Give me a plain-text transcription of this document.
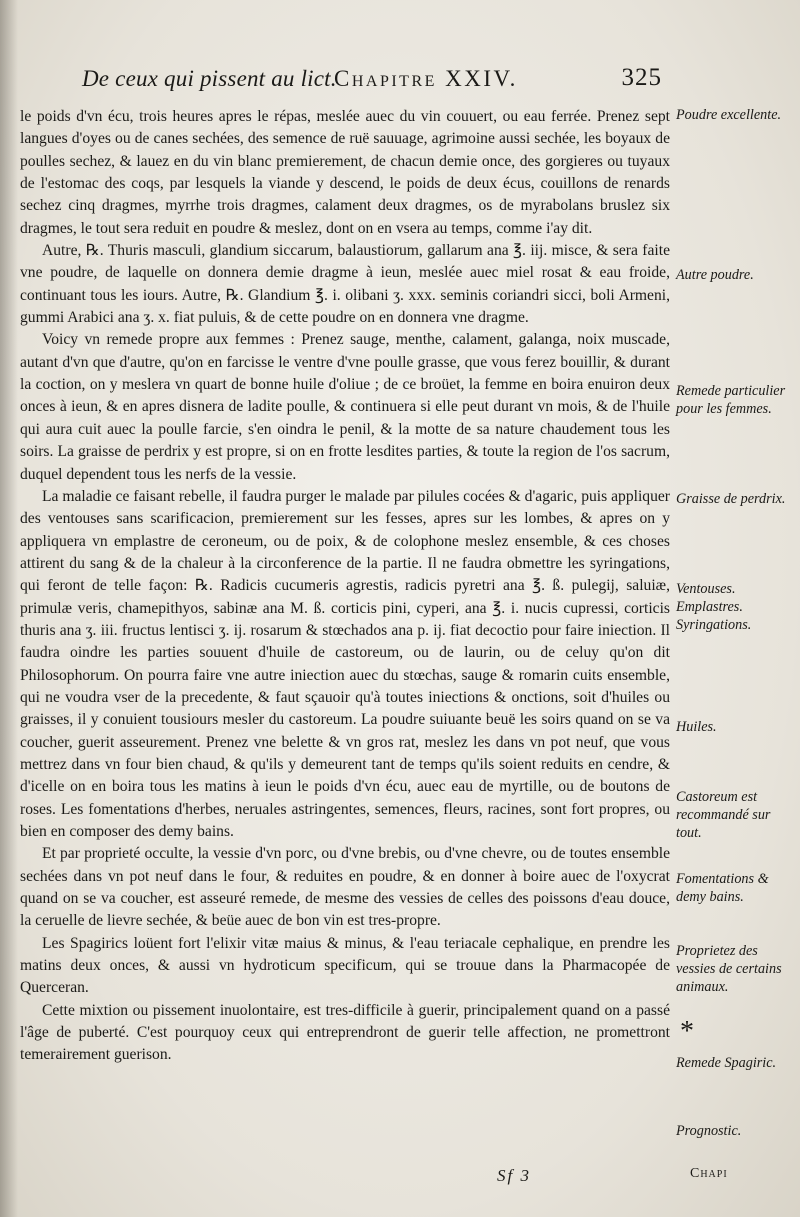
De ceux qui pissent au lict.
Chapitre XXIV.	325

le poids d'vn écu, trois heures apres le répas, meslée auec du vin couuert, ou eau ferrée. Prenez sept langues d'oyes ou de canes sechées, des semence de ruë sauuage, agrimoine aussi sechée, les boyaux de poulles sechez, & lauez en du vin blanc premierement, de chacun demie once, des gorgieres ou tuyaux de l'estomac des coqs, par lesquels la viande y descend, le poids de deux écus, couillons de renards sechez cinq dragmes, myrrhe trois dragmes, calament deux dragmes, os de myrabolans bruslez six dragmes, le tout sera reduit en poudre & meslez, dont on en vsera au temps, comme i'ay dit.

Autre, ℞. Thuris masculi, glandium siccarum, balaustiorum, gallarum ana ℥. iij. misce, & sera faite vne poudre, de laquelle on donnera demie dragme à ieun, meslée auec miel rosat & eau froide, continuant tous les iours. Autre, ℞. Glandium ℥. i. olibani ʒ. xxx. seminis coriandri sicci, boli Armeni, gummi Arabici ana ʒ. x. fiat puluis, & de cette poudre on en donnera vne dragme.

Voicy vn remede propre aux femmes : Prenez sauge, menthe, calament, galanga, noix muscade, autant d'vn que d'autre, qu'on en farcisse le ventre d'vne poulle grasse, que vous ferez bouillir, & durant la coction, on y meslera vn quart de bonne huile d'oliue ; de ce broüet, la femme en boira enuiron deux onces à ieun, & en apres disnera de ladite poulle, & continuera si elle peut durant vn mois, & de l'huile qui aura cuit auec la poulle farcie, s'en oindra le penil, & la motte de sa nature chaudement tous les soirs. La graisse de perdrix y est propre, si on en frotte lesdites parties, & toute la region de l'os sacrum, duquel dependent tous les nerfs de la vessie.

La maladie ce faisant rebelle, il faudra purger le malade par pilules cocées & d'agaric, puis appliquer des ventouses sans scarificacion, premierement sur les fesses, apres sur les lombes, & apres on y appliquera vn emplastre de ceroneum, ou de poix, & de colophone meslez ensemble, & ces choses attirent du sang & de la chaleur à la circonference de la partie. Il ne faudra obmettre les syringations, qui feront de telle façon: ℞. Radicis cucumeris agrestis, radicis pyretri ana ℥. ß. pulegij, saluiæ, primulæ veris, chamepithyos, sabinæ ana M. ß. corticis pini, cyperi, ana ℥. i. nucis cupressi, corticis thuris ana ʒ. iii. fructus lentisci ʒ. ij. rosarum & stœchados ana p. ij. fiat decoctio pour faire iniection. Il faudra oindre les parties souuent d'huile de castoreum, ou de laurin, ou de celuy qu'on dit Philosophorum. On pourra faire vne autre iniection auec du stœchas, sauge & romarin cuits ensemble, qui ne voudra vser de la precedente, & faut sçauoir qu'à toutes iniections & onctions, soit d'huiles ou graisses, il y conuient tousiours mesler du castoreum. La poudre suiuante beuë les soirs quand on se va coucher, guerit asseurement. Prenez vne belette & vn gros rat, meslez les dans vn pot neuf, que vous mettrez dans vn four bien chaud, & qu'ils y demeurent tant de temps qu'ils soient reduits en cendre, & d'icelle on en boira tous les matins à ieun le poids d'vn écu, auec eau de myrtille, ou de boutons de roses. Les fomentations d'herbes, neruales astringentes, semences, fleurs, racines, sont fort propres, ou bien en composer des demy bains.

Et par proprieté occulte, la vessie d'vn porc, ou d'vne brebis, ou d'vne chevre, ou de toutes ensemble sechées dans vn pot neuf dans le four, & reduites en poudre, & en donner à boire auec de l'oxycrat quand on se va coucher, est asseuré remede, de mesme des vessies de celles des poissons d'eau douce, la ceruelle de lievre sechée, & beüe auec de bon vin est tres-propre.

Les Spagirics loüent fort l'elixir vitæ maius & minus, & l'eau teriacale cephalique, en prendre les matins deux onces, & aussi vn hydroticum specificum, qui se trouue dans la Pharmacopée de Querceran.

Cette mixtion ou pissement inuolontaire, est tres-difficile à guerir, principalement quand on a passé l'âge de puberté. C'est pourquoy ceux qui entreprendront de guerir telle affection, ne promettront temerairement guerison.

Poudre excellente.
Autre poudre.
Remede particulier pour les femmes.
Graisse de perdrix.
Ventouses. Emplastres. Syringations.
Huiles.
Castoreum est recommandé sur tout.
Fomentations & demy bains.
Proprietez des vessies de certains animaux.
*
Remede Spagiric.
Prognostic.
Sf 3	Chapi
